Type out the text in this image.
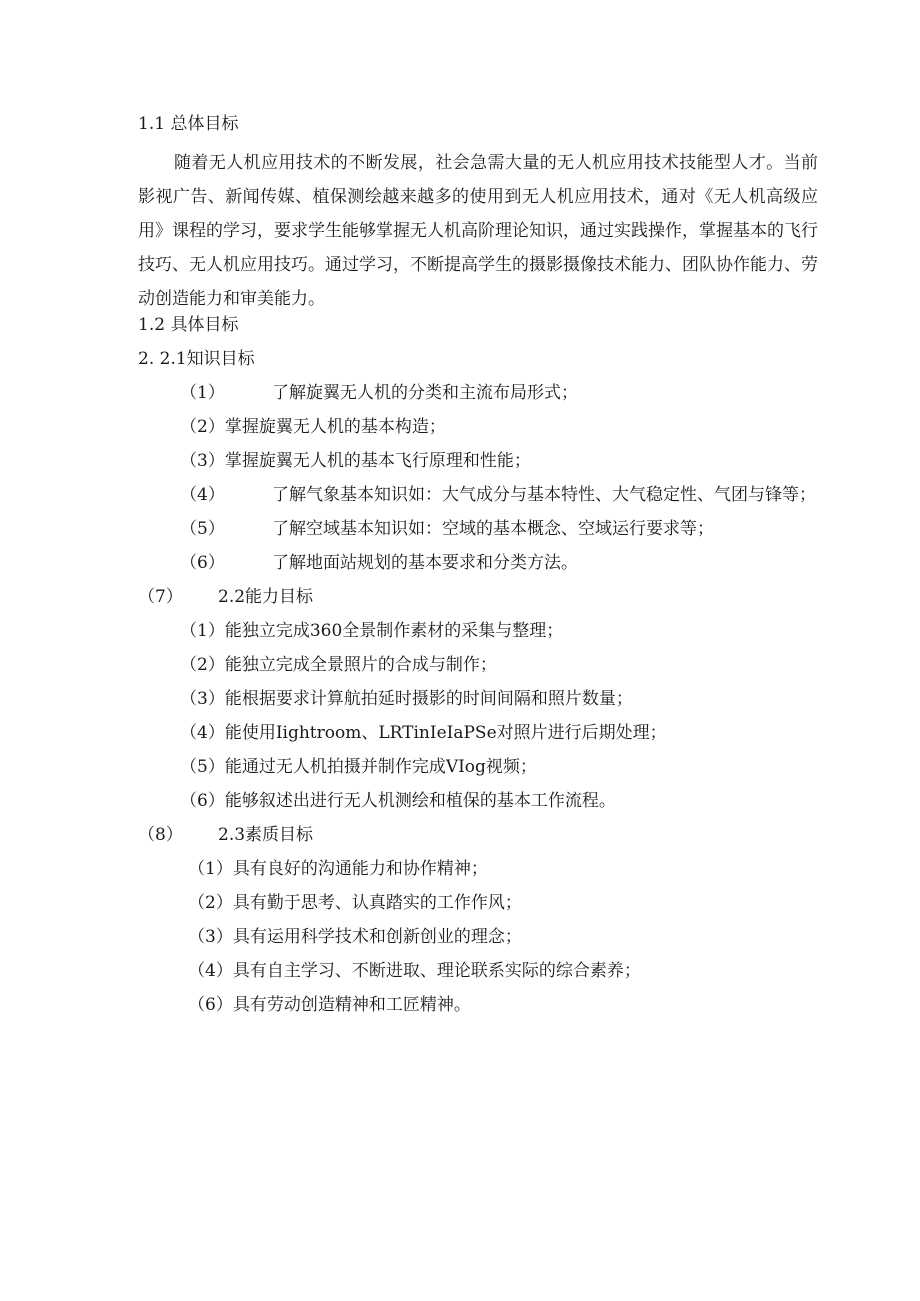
1.1 总体目标
随着无人机应用技术的不断发展，社会急需大量的无人机应用技术技能型人才。当前影视广告、新闻传媒、植保测绘越来越多的使用到无人机应用技术，通对《无人机高级应用》课程的学习，要求学生能够掌握无人机高阶理论知识，通过实践操作，掌握基本的飞行技巧、无人机应用技巧。通过学习，不断提高学生的摄影摄像技术能力、团队协作能力、劳动创造能力和审美能力。
1.2 具体目标
2. 2.1知识目标
（1）	了解旋翼无人机的分类和主流布局形式；
（2）掌握旋翼无人机的基本构造；
（3）掌握旋翼无人机的基本飞行原理和性能；
（4）	了解气象基本知识如：大气成分与基本特性、大气稳定性、气团与锋等；
（5）	了解空域基本知识如：空域的基本概念、空域运行要求等；
（6）	了解地面站规划的基本要求和分类方法。
（7） 2.2能力目标
（1）能独立完成360全景制作素材的采集与整理；
（2）能独立完成全景照片的合成与制作；
（3）能根据要求计算航拍延时摄影的时间间隔和照片数量；
（4）能使用Iightroom、LRTinIeIaPSe对照片进行后期处理；
（5）能通过无人机拍摄并制作完成VIog视频；
（6）能够叙述出进行无人机测绘和植保的基本工作流程。
（8） 2.3素质目标
（1）具有良好的沟通能力和协作精神；
（2）具有勤于思考、认真踏实的工作作风；
（3）具有运用科学技术和创新创业的理念；
（4）具有自主学习、不断进取、理论联系实际的综合素养；
（6）具有劳动创造精神和工匠精神。
